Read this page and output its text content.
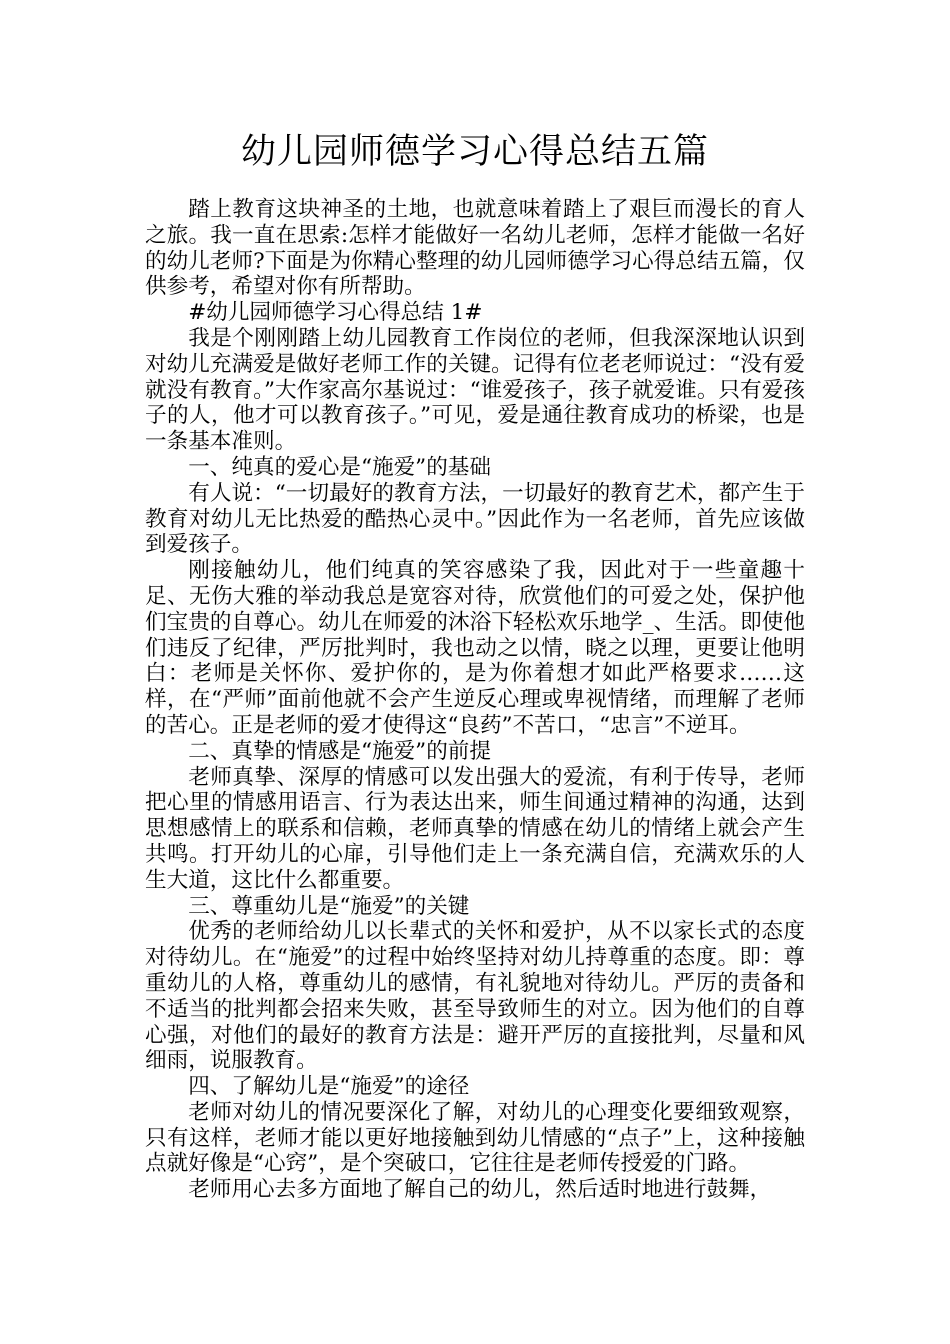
幼儿园师德学习心得总结五篇

踏上教育这块神圣的土地，也就意味着踏上了艰巨而漫长的育人之旅。我一直在思索:怎样才能做好一名幼儿老师，怎样才能做一名好的幼儿老师?下面是为你精心整理的幼儿园师德学习心得总结五篇，仅供参考，希望对你有所帮助。

#幼儿园师德学习心得总结 1#

我是个刚刚踏上幼儿园教育工作岗位的老师，但我深深地认识到对幼儿充满爱是做好老师工作的关键。记得有位老老师说过：“没有爱就没有教育。”大作家高尔基说过：“谁爱孩子，孩子就爱谁。只有爱孩子的人，他才可以教育孩子。”可见，爱是通往教育成功的桥梁，也是一条基本准则。

一、纯真的爱心是“施爱”的基础

有人说：“一切最好的教育方法，一切最好的教育艺术，都产生于教育对幼儿无比热爱的酷热心灵中。”因此作为一名老师，首先应该做到爱孩子。

刚接触幼儿，他们纯真的笑容感染了我，因此对于一些童趣十足、无伤大雅的举动我总是宽容对待，欣赏他们的可爱之处，保护他们宝贵的自尊心。幼儿在师爱的沐浴下轻松欢乐地学_、生活。即使他们违反了纪律，严厉批判时，我也动之以情，晓之以理，更要让他明白：老师是关怀你、爱护你的，是为你着想才如此严格要求……这样，在“严师”面前他就不会产生逆反心理或卑视情绪，而理解了老师的苦心。正是老师的爱才使得这“良药”不苦口，“忠言”不逆耳。

二、真挚的情感是“施爱”的前提

老师真挚、深厚的情感可以发出强大的爱流，有利于传导，老师把心里的情感用语言、行为表达出来，师生间通过精神的沟通，达到思想感情上的联系和信赖，老师真挚的情感在幼儿的情绪上就会产生共鸣。打开幼儿的心扉，引导他们走上一条充满自信，充满欢乐的人生大道，这比什么都重要。

三、尊重幼儿是“施爱”的关键

优秀的老师给幼儿以长辈式的关怀和爱护，从不以家长式的态度对待幼儿。在“施爱”的过程中始终坚持对幼儿持尊重的态度。即：尊重幼儿的人格，尊重幼儿的感情，有礼貌地对待幼儿。严厉的责备和不适当的批判都会招来失败，甚至导致师生的对立。因为他们的自尊心强，对他们的最好的教育方法是：避开严厉的直接批判，尽量和风细雨，说服教育。

四、了解幼儿是“施爱”的途径

老师对幼儿的情况要深化了解，对幼儿的心理变化要细致观察，只有这样，老师才能以更好地接触到幼儿情感的“点子”上，这种接触点就好像是“心窍”，是个突破口，它往往是老师传授爱的门路。

老师用心去多方面地了解自己的幼儿，然后适时地进行鼓舞，
